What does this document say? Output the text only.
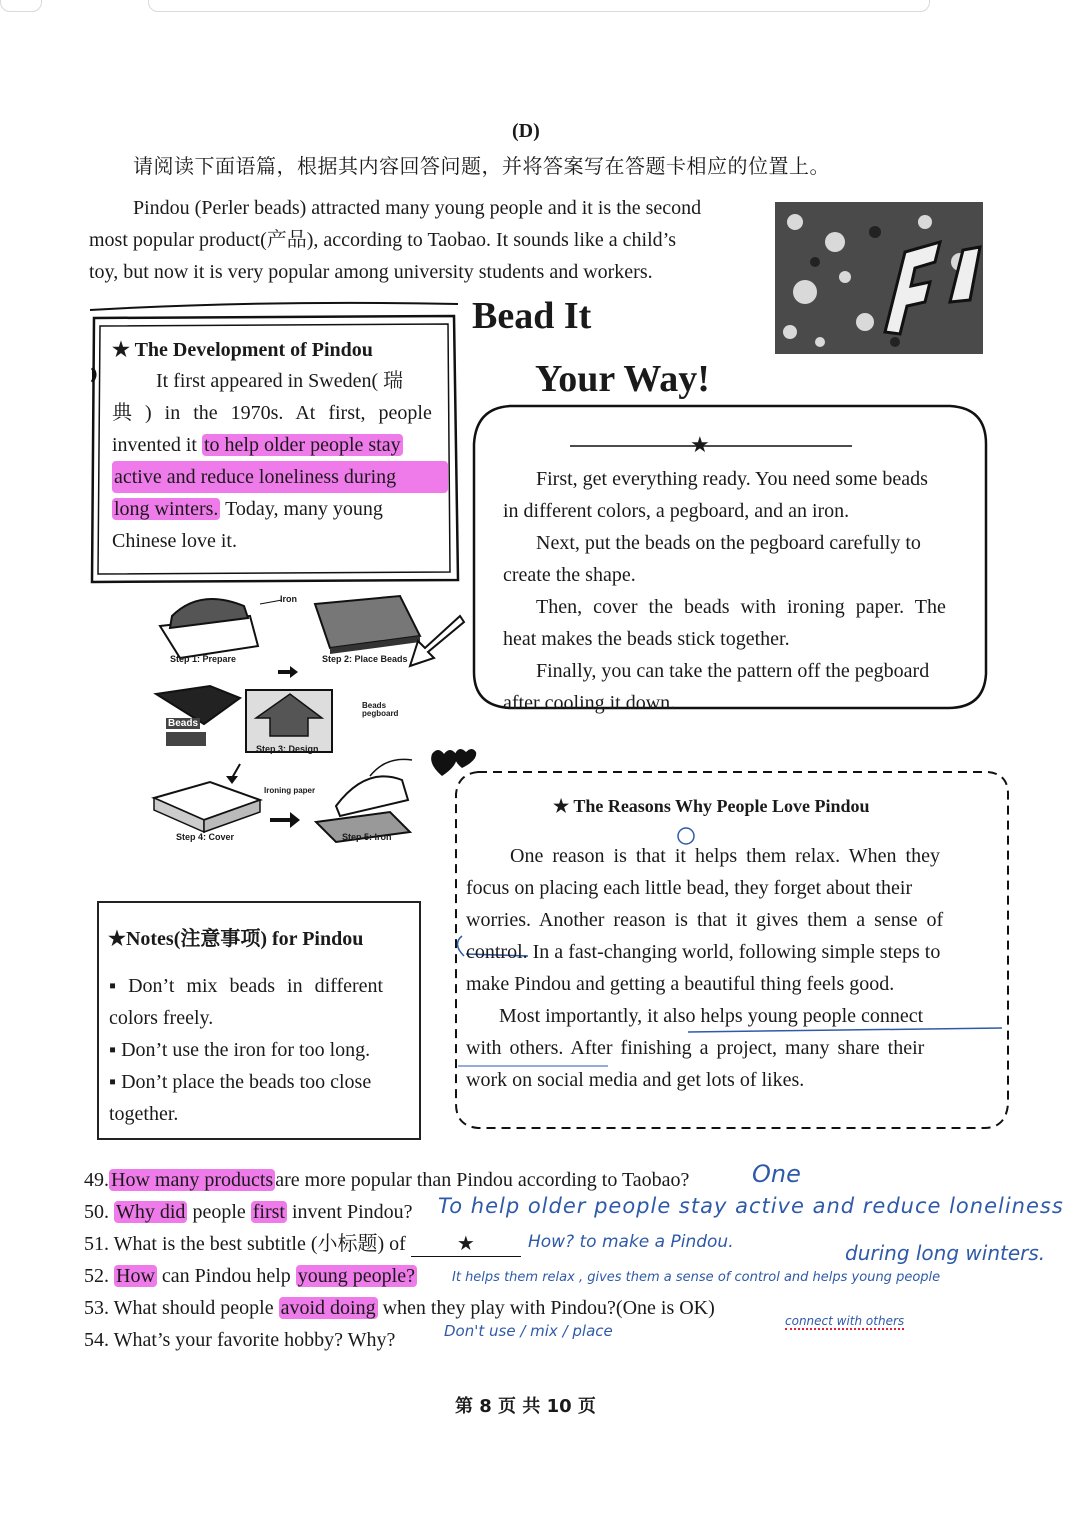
(D)
请阅读下面语篇，根据其内容回答问题，并将答案写在答题卡相应的位置上。
Pindou (Perler beads) attracted many young people and it is the second
most popular product(产品), according to Taobao. It sounds like a child’s
toy, but now it is very popular among university students and workers.
Bead It
Your Way!
★ The Development of Pindou
It first appeared in Sweden( 瑞
典 ) in the 1970s. At first, people
invented it to help older people stay
active and reduce loneliness during
long winters. Today, many young
Chinese love it.
★
First, get everything ready. You need some beads
in different colors, a pegboard, and an iron.
Next, put the beads on the pegboard carefully to
create the shape.
Then, cover the beads with ironing paper. The
heat makes the beads stick together.
Finally, you can take the pattern off the pegboard
after cooling it down.
Iron
Step 1: Prepare	Step 2: Place Beads
Beads
Beads pegboard
Step 3: Design
Ironing paper
Step 4: Cover	Step 5: Iron
★ The Reasons Why People Love Pindou
One reason is that it helps them relax. When they
focus on placing each little bead, they forget about their
worries. Another reason is that it gives them a sense of
control. In a fast-changing world, following simple steps to
make Pindou and getting a beautiful thing feels good.
Most importantly, it also helps young people connect
with others. After finishing a project, many share their
work on social media and get lots of likes.
★Notes(注意事项) for Pindou
▪ Don’t mix beads in different
colors freely.
▪ Don’t use the iron for too long.
▪ Don’t place the beads too close
together.
49. How many products are more popular than Pindou according to Taobao?
50. Why did people first invent Pindou?
51. What is the best subtitle (小标题) of	★
52. How can Pindou help young people?
53. What should people avoid doing when they play with Pindou?(One is OK)
54. What’s your favorite hobby? Why?
One
To help older people stay active and reduce loneliness
during long winters.
How? to make a Pindou.
It helps them relax , gives them a sense of control and helps young people
connect with others
Don't use / mix / place
第 8 页 共 10 页
